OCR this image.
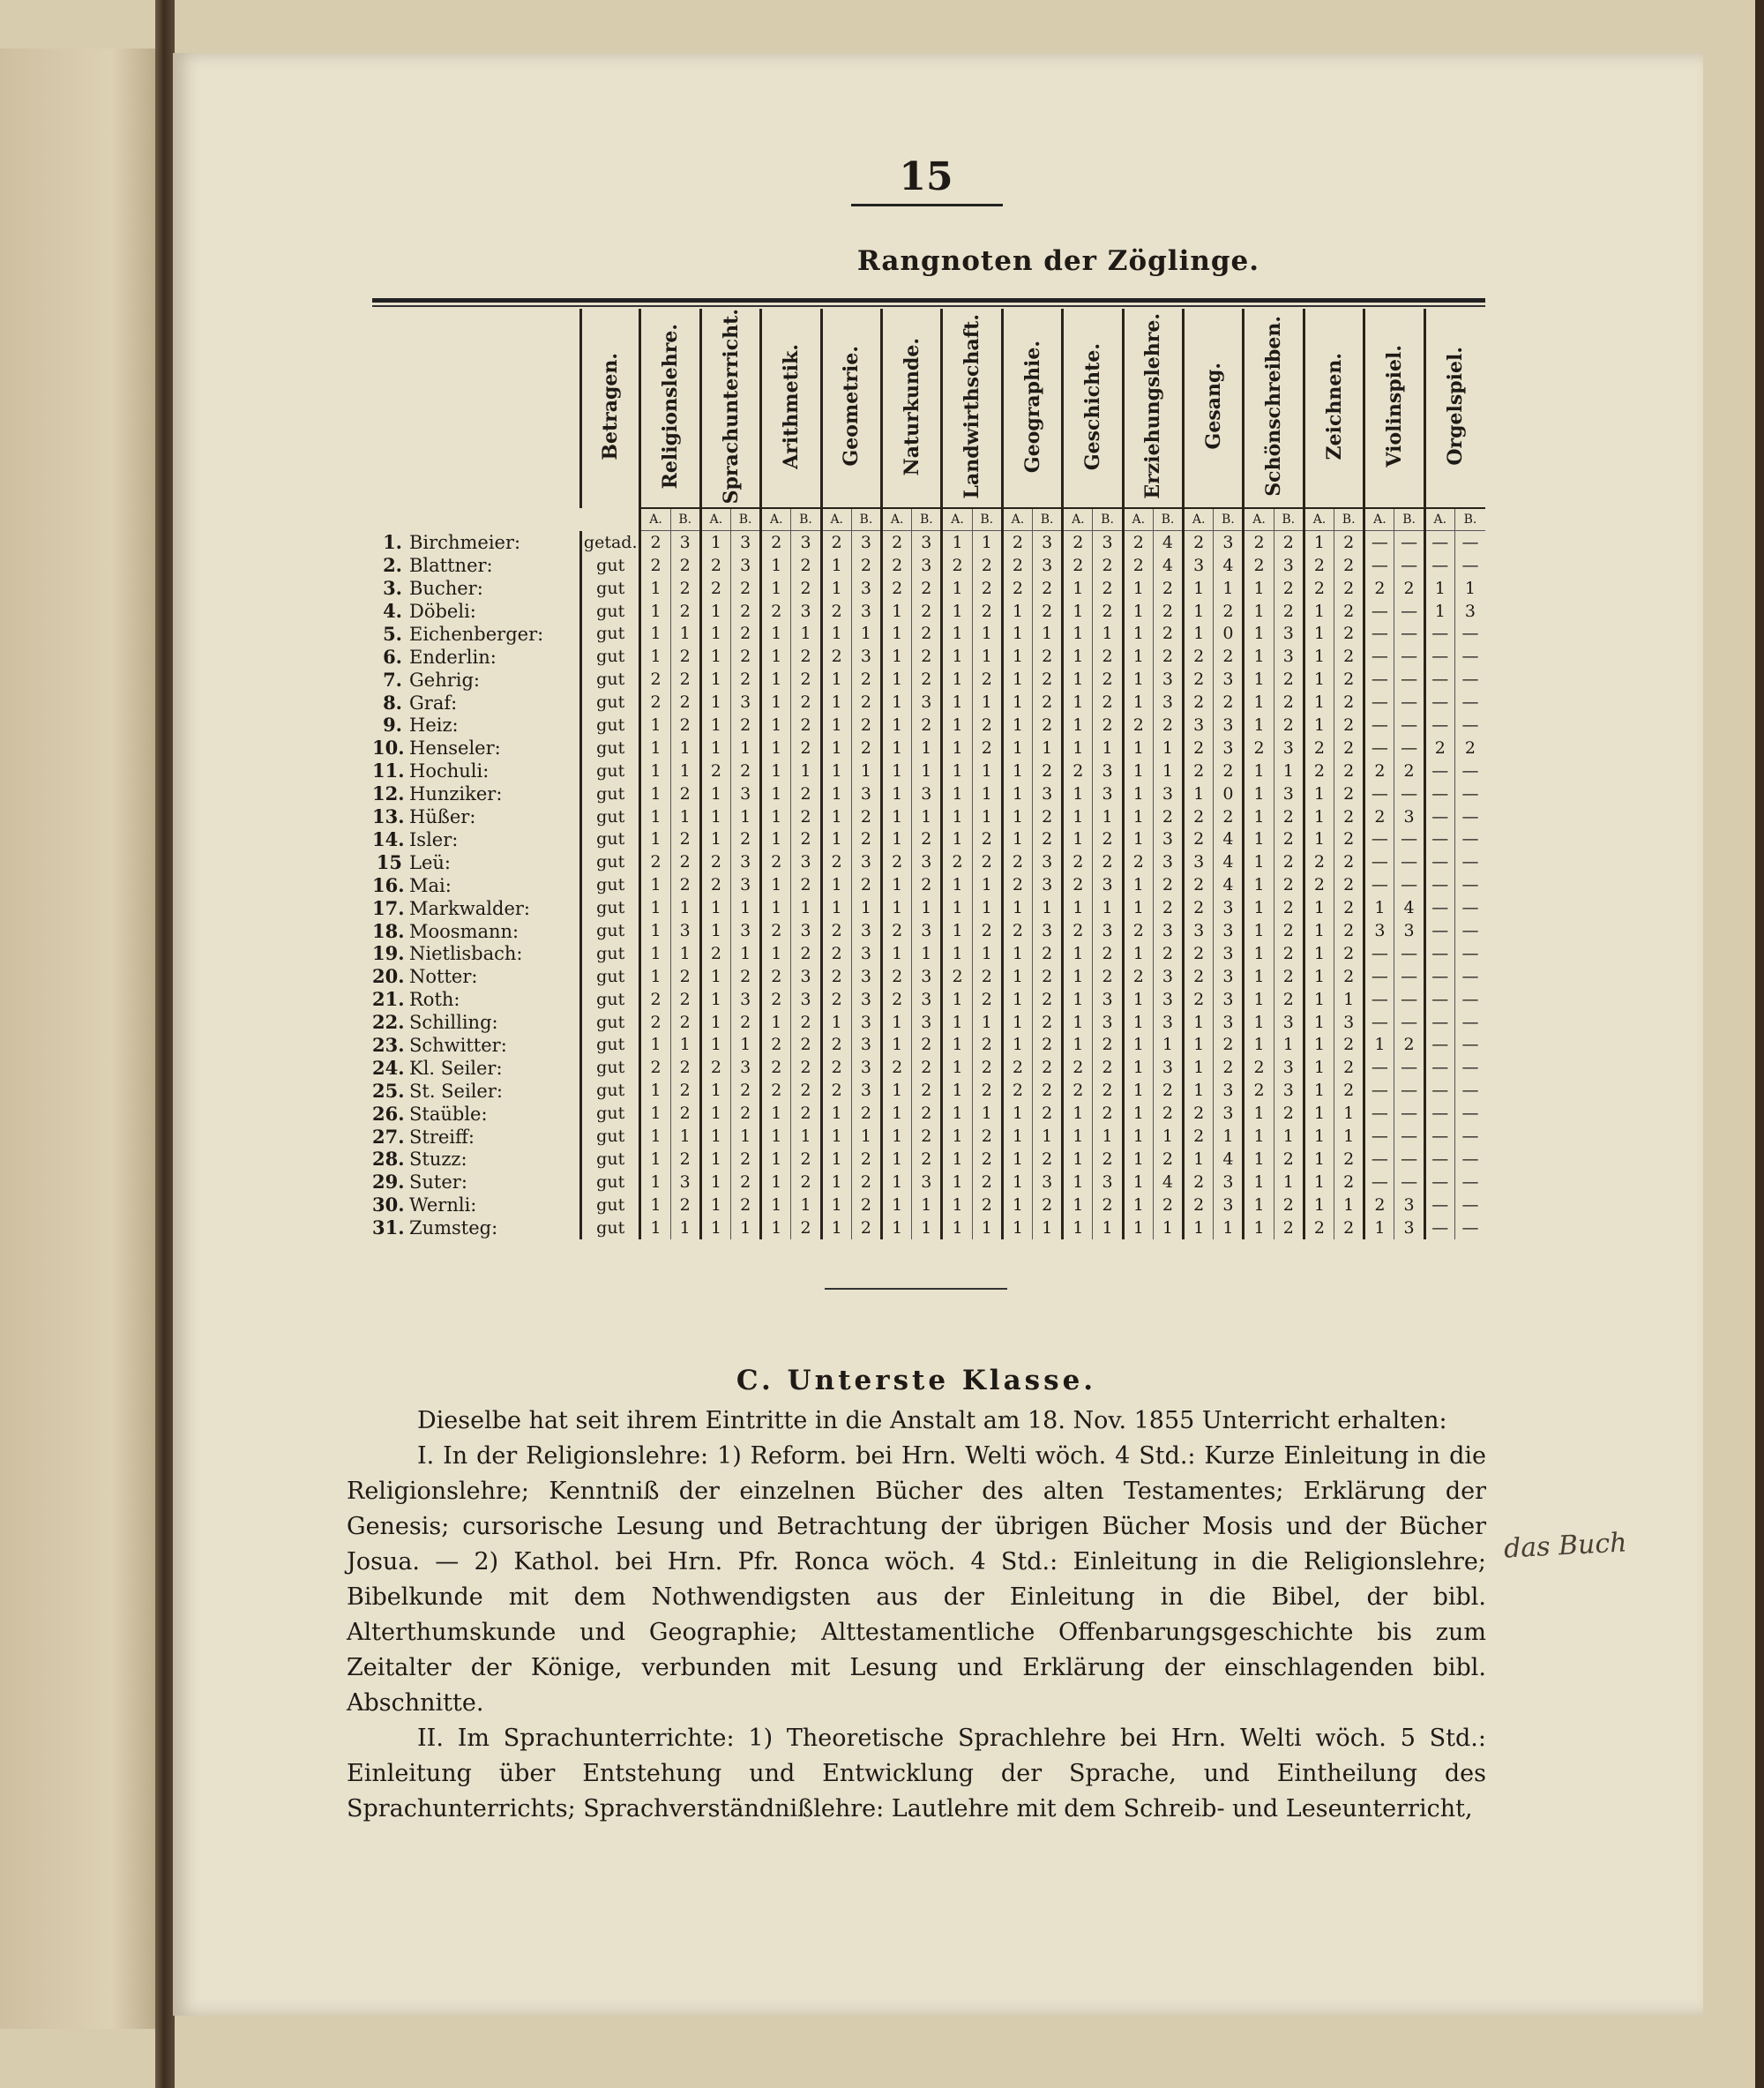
15
Rangnoten der Zöglinge.
	Betragen.	Religionslehre.		Sprachunterricht.		Arithmetik.		Geometrie.		Naturkunde.		Landwirthschaft.		Geographie.		Geschichte.		Erziehungslehre.		Gesang.		Schönschreiben.		Zeichnen.		Violinspiel.		Orgelspiel.	
		A.	B.	A.	B.	A.	B.	A.	B.	A.	B.	A.	B.	A.	B.	A.	B.	A.	B.	A.	B.	A.	B.	A.	B.	A.	B.	A.	B.
1. Birchmeier:	getad.	2	3	1	3	2	3	2	3	2	3	1	1	2	3	2	3	2	4	2	3	2	2	1	2	—	—	—	—
2. Blattner:	gut	2	2	2	3	1	2	1	2	2	3	2	2	2	3	2	2	2	4	3	4	2	3	2	2	—	—	—	—
3. Bucher:	gut	1	2	2	2	1	2	1	3	2	2	1	2	2	2	1	2	1	2	1	1	1	2	2	2	2	2	1	1
4. Döbeli:	gut	1	2	1	2	2	3	2	3	1	2	1	2	1	2	1	2	1	2	1	2	1	2	1	2	—	—	1	3
5. Eichenberger:	gut	1	1	1	2	1	1	1	1	1	2	1	1	1	1	1	1	1	2	1	0	1	3	1	2	—	—	—	—
6. Enderlin:	gut	1	2	1	2	1	2	2	3	1	2	1	1	1	2	1	2	1	2	2	2	1	3	1	2	—	—	—	—
7. Gehrig:	gut	2	2	1	2	1	2	1	2	1	2	1	2	1	2	1	2	1	3	2	3	1	2	1	2	—	—	—	—
8. Graf:	gut	2	2	1	3	1	2	1	2	1	3	1	1	1	2	1	2	1	3	2	2	1	2	1	2	—	—	—	—
9. Heiz:	gut	1	2	1	2	1	2	1	2	1	2	1	2	1	2	1	2	2	2	3	3	1	2	1	2	—	—	—	—
10. Henseler:	gut	1	1	1	1	1	2	1	2	1	1	1	2	1	1	1	1	1	1	2	3	2	3	2	2	—	—	2	2
11. Hochuli:	gut	1	1	2	2	1	1	1	1	1	1	1	1	1	2	2	3	1	1	2	2	1	1	2	2	2	2	—	—
12. Hunziker:	gut	1	2	1	3	1	2	1	3	1	3	1	1	1	3	1	3	1	3	1	0	1	3	1	2	—	—	—	—
13. Hüßer:	gut	1	1	1	1	1	2	1	2	1	1	1	1	1	2	1	1	1	2	2	2	1	2	1	2	2	3	—	—
14. Isler:	gut	1	2	1	2	1	2	1	2	1	2	1	2	1	2	1	2	1	3	2	4	1	2	1	2	—	—	—	—
15 Leü:	gut	2	2	2	3	2	3	2	3	2	3	2	2	2	3	2	2	2	3	3	4	1	2	2	2	—	—	—	—
16. Mai:	gut	1	2	2	3	1	2	1	2	1	2	1	1	2	3	2	3	1	2	2	4	1	2	2	2	—	—	—	—
17. Markwalder:	gut	1	1	1	1	1	1	1	1	1	1	1	1	1	1	1	1	1	2	2	3	1	2	1	2	1	4	—	—
18. Moosmann:	gut	1	3	1	3	2	3	2	3	2	3	1	2	2	3	2	3	2	3	3	3	1	2	1	2	3	3	—	—
19. Nietlisbach:	gut	1	1	2	1	1	2	2	3	1	1	1	1	1	2	1	2	1	2	2	3	1	2	1	2	—	—	—	—
20. Notter:	gut	1	2	1	2	2	3	2	3	2	3	2	2	1	2	1	2	2	3	2	3	1	2	1	2	—	—	—	—
21. Roth:	gut	2	2	1	3	2	3	2	3	2	3	1	2	1	2	1	3	1	3	2	3	1	2	1	1	—	—	—	—
22. Schilling:	gut	2	2	1	2	1	2	1	3	1	3	1	1	1	2	1	3	1	3	1	3	1	3	1	3	—	—	—	—
23. Schwitter:	gut	1	1	1	1	2	2	2	3	1	2	1	2	1	2	1	2	1	1	1	2	1	1	1	2	1	2	—	—
24. Kl. Seiler:	gut	2	2	2	3	2	2	2	3	2	2	1	2	2	2	2	2	1	3	1	2	2	3	1	2	—	—	—	—
25. St. Seiler:	gut	1	2	1	2	2	2	2	3	1	2	1	2	2	2	2	2	1	2	1	3	2	3	1	2	—	—	—	—
26. Staüble:	gut	1	2	1	2	1	2	1	2	1	2	1	1	1	2	1	2	1	2	2	3	1	2	1	1	—	—	—	—
27. Streiff:	gut	1	1	1	1	1	1	1	1	1	2	1	2	1	1	1	1	1	1	2	1	1	1	1	1	—	—	—	—
28. Stuzz:	gut	1	2	1	2	1	2	1	2	1	2	1	2	1	2	1	2	1	2	1	4	1	2	1	2	—	—	—	—
29. Suter:	gut	1	3	1	2	1	2	1	2	1	3	1	2	1	3	1	3	1	4	2	3	1	1	1	2	—	—	—	—
30. Wernli:	gut	1	2	1	2	1	1	1	2	1	1	1	2	1	2	1	2	1	2	2	3	1	2	1	1	2	3	—	—
31. Zumsteg:	gut	1	1	1	1	1	2	1	2	1	1	1	1	1	1	1	1	1	1	1	1	1	2	2	2	1	3	—	—
C. Unterste Klasse.

Dieselbe hat seit ihrem Eintritte in die Anstalt am 18. Nov. 1855 Unterricht erhalten:

I. In der Religionslehre: 1) Reform. bei Hrn. Welti wöch. 4 Std.: Kurze Einleitung in die Religionslehre; Kenntniß der einzelnen Bücher des alten Testamentes; Erklärung der Genesis; cursorische Lesung und Betrachtung der übrigen Bücher Mosis und der Bücher Josua. — 2) Kathol. bei Hrn. Pfr. Ronca wöch. 4 Std.: Einleitung in die Religionslehre; Bibelkunde mit dem Nothwendigsten aus der Einleitung in die Bibel, der bibl. Alterthumskunde und Geographie; Alttestamentliche Offenbarungsgeschichte bis zum Zeitalter der Könige, verbunden mit Lesung und Erklärung der einschlagenden bibl. Abschnitte.

II. Im Sprachunterrichte: 1) Theoretische Sprachlehre bei Hrn. Welti wöch. 5 Std.: Einleitung über Entstehung und Entwicklung der Sprache, und Eintheilung des Sprachunterrichts; Sprachverständnißlehre: Lautlehre mit dem Schreib- und Leseunterricht,

das Buch
